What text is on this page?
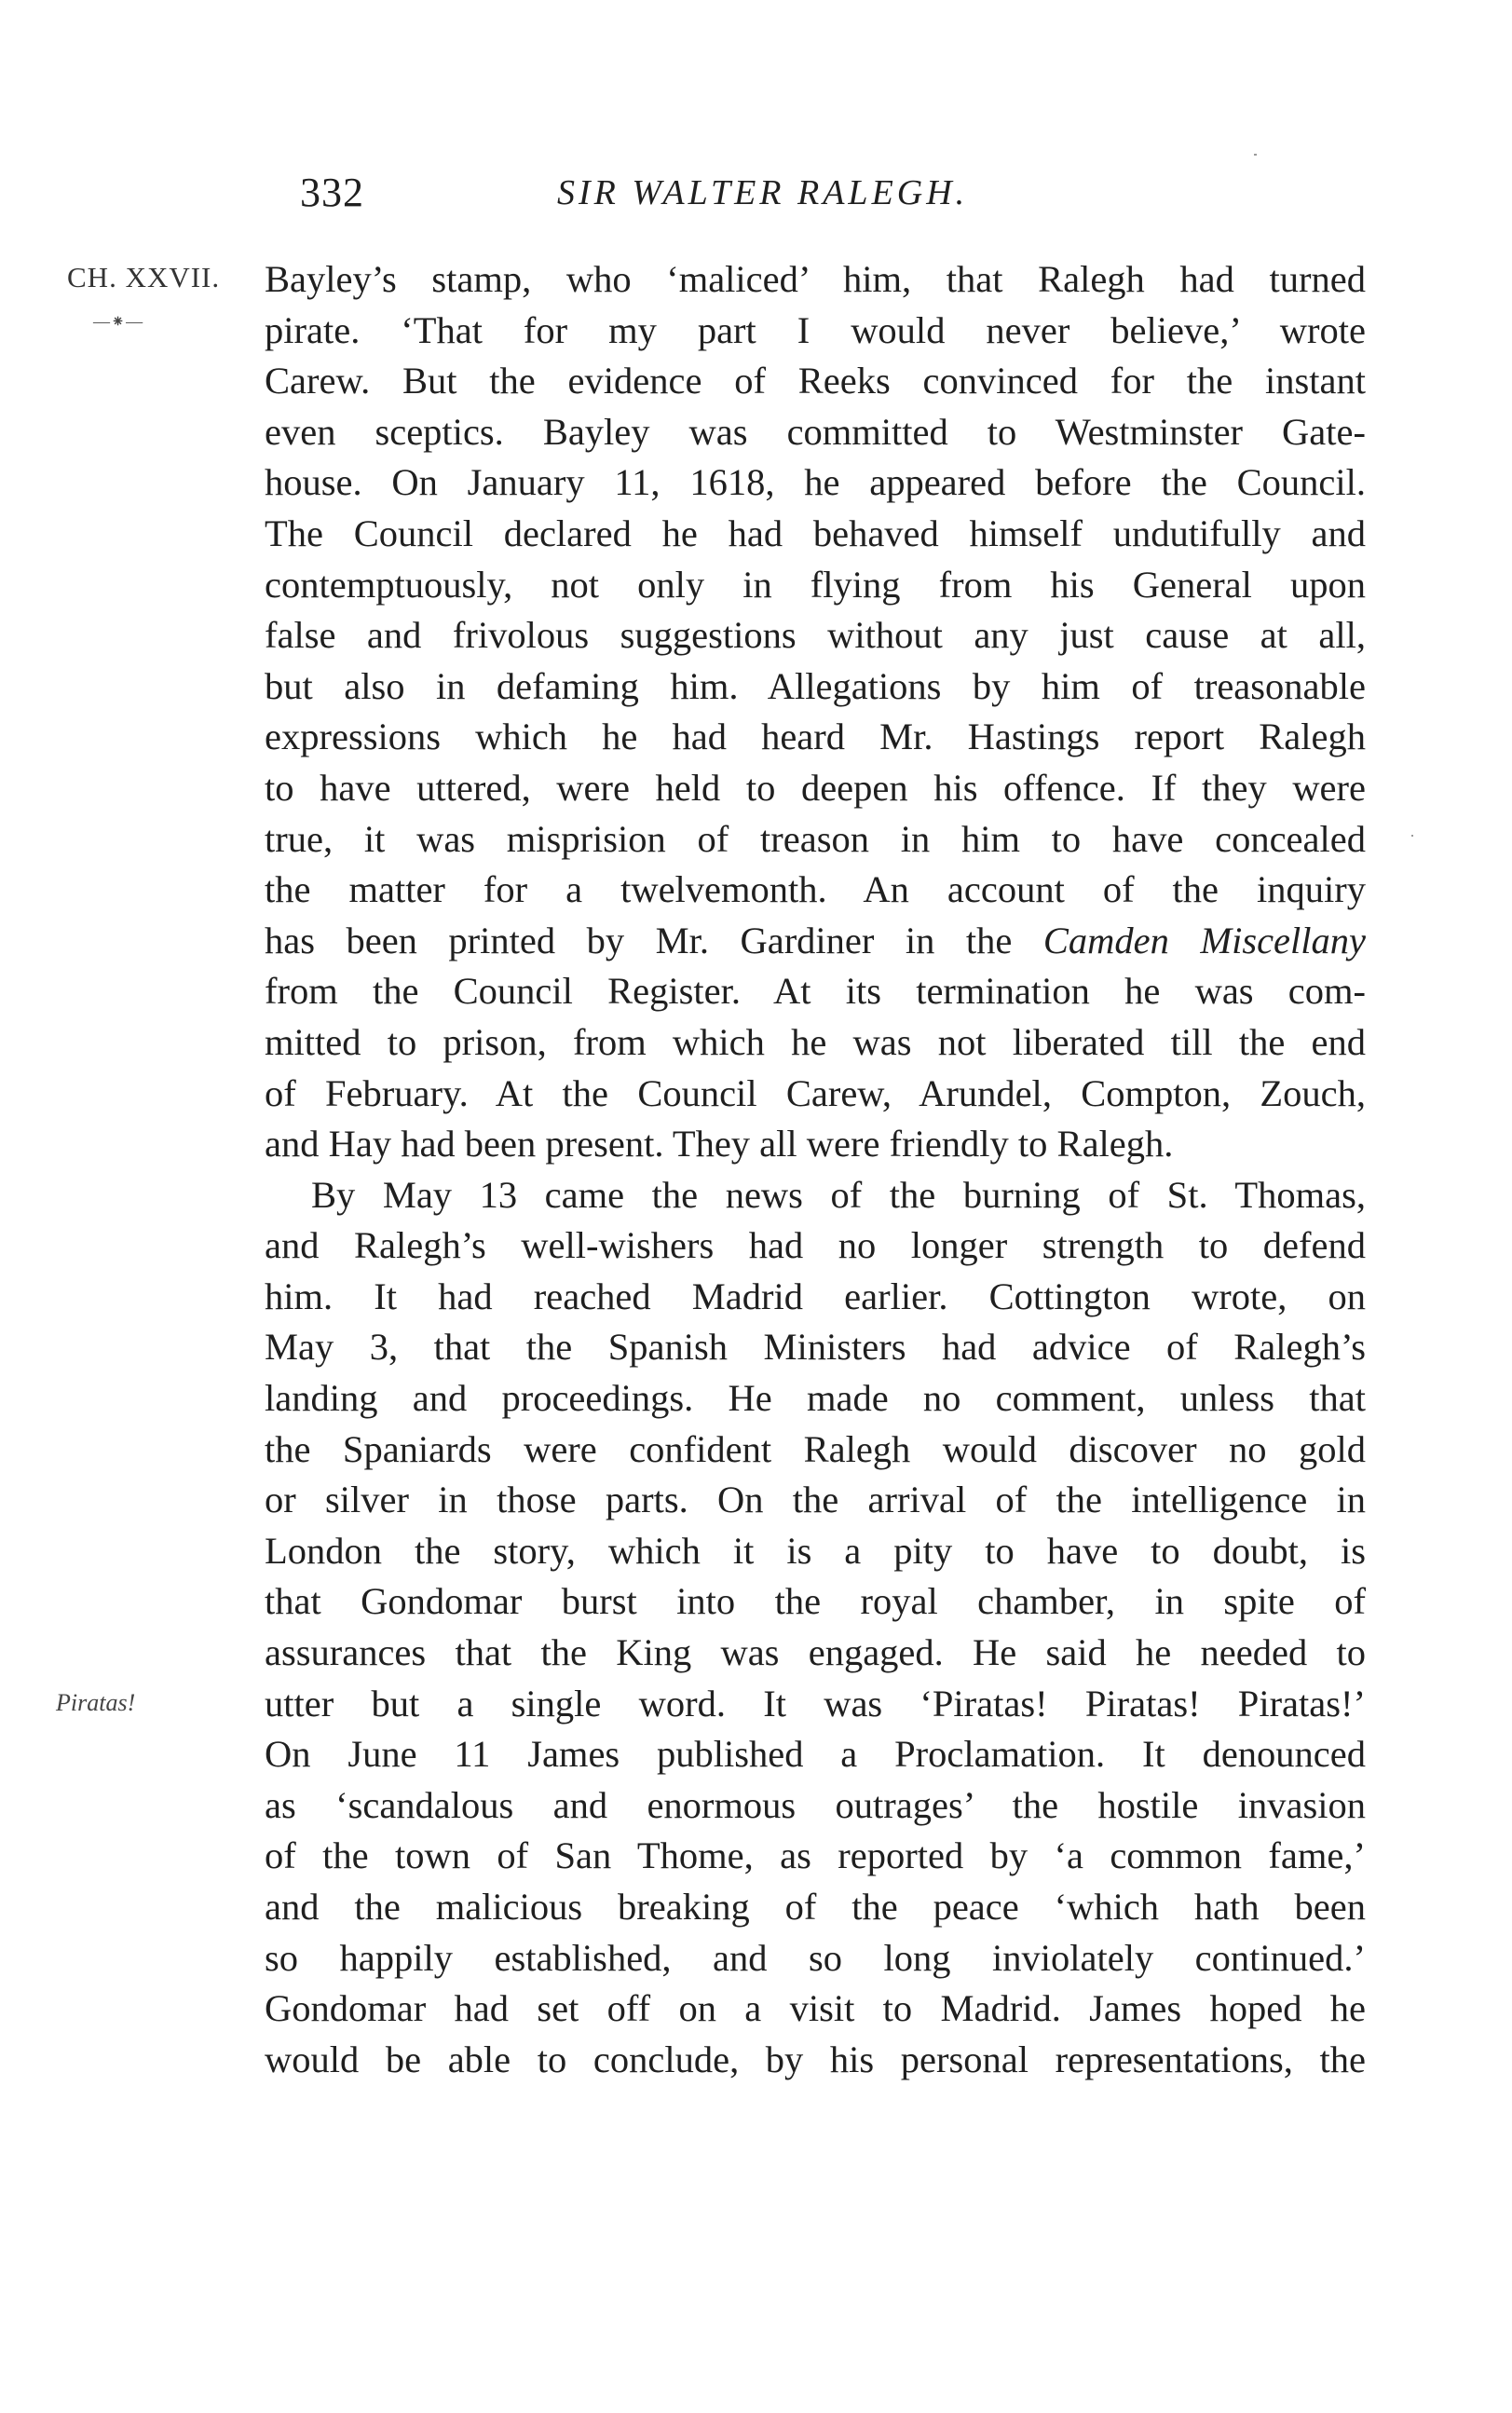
332	SIR WALTER RALEGH.
CH. XXVII.
—⁕—
Piratas!
Bayley’s stamp, who ‘maliced’ him, that Ralegh had turned
pirate. ‘That for my part I would never believe,’ wrote
Carew. But the evidence of Reeks convinced for the instant
even sceptics. Bayley was committed to Westminster Gate-
house. On January 11, 1618, he appeared before the Council.
The Council declared he had behaved himself undutifully and
contemptuously, not only in flying from his General upon
false and frivolous suggestions without any just cause at all,
but also in defaming him. Allegations by him of treasonable
expressions which he had heard Mr. Hastings report Ralegh
to have uttered, were held to deepen his offence. If they were
true, it was misprision of treason in him to have concealed
the matter for a twelvemonth. An account of the inquiry
has been printed by Mr. Gardiner in the Camden Miscellany
from the Council Register. At its termination he was com-
mitted to prison, from which he was not liberated till the end
of February. At the Council Carew, Arundel, Compton, Zouch,
and Hay had been present. They all were friendly to Ralegh.
By May 13 came the news of the burning of St. Thomas,
and Ralegh’s well-wishers had no longer strength to defend
him. It had reached Madrid earlier. Cottington wrote, on
May 3, that the Spanish Ministers had advice of Ralegh’s
landing and proceedings. He made no comment, unless that
the Spaniards were confident Ralegh would discover no gold
or silver in those parts. On the arrival of the intelligence in
London the story, which it is a pity to have to doubt, is
that Gondomar burst into the royal chamber, in spite of
assurances that the King was engaged. He said he needed to
utter but a single word. It was ‘Piratas! Piratas! Piratas!’
On June 11 James published a Proclamation. It denounced
as ‘scandalous and enormous outrages’ the hostile invasion
of the town of San Thome, as reported by ‘a common fame,’
and the malicious breaking of the peace ‘which hath been
so happily established, and so long inviolately continued.’
Gondomar had set off on a visit to Madrid. James hoped he
would be able to conclude, by his personal representations, the
